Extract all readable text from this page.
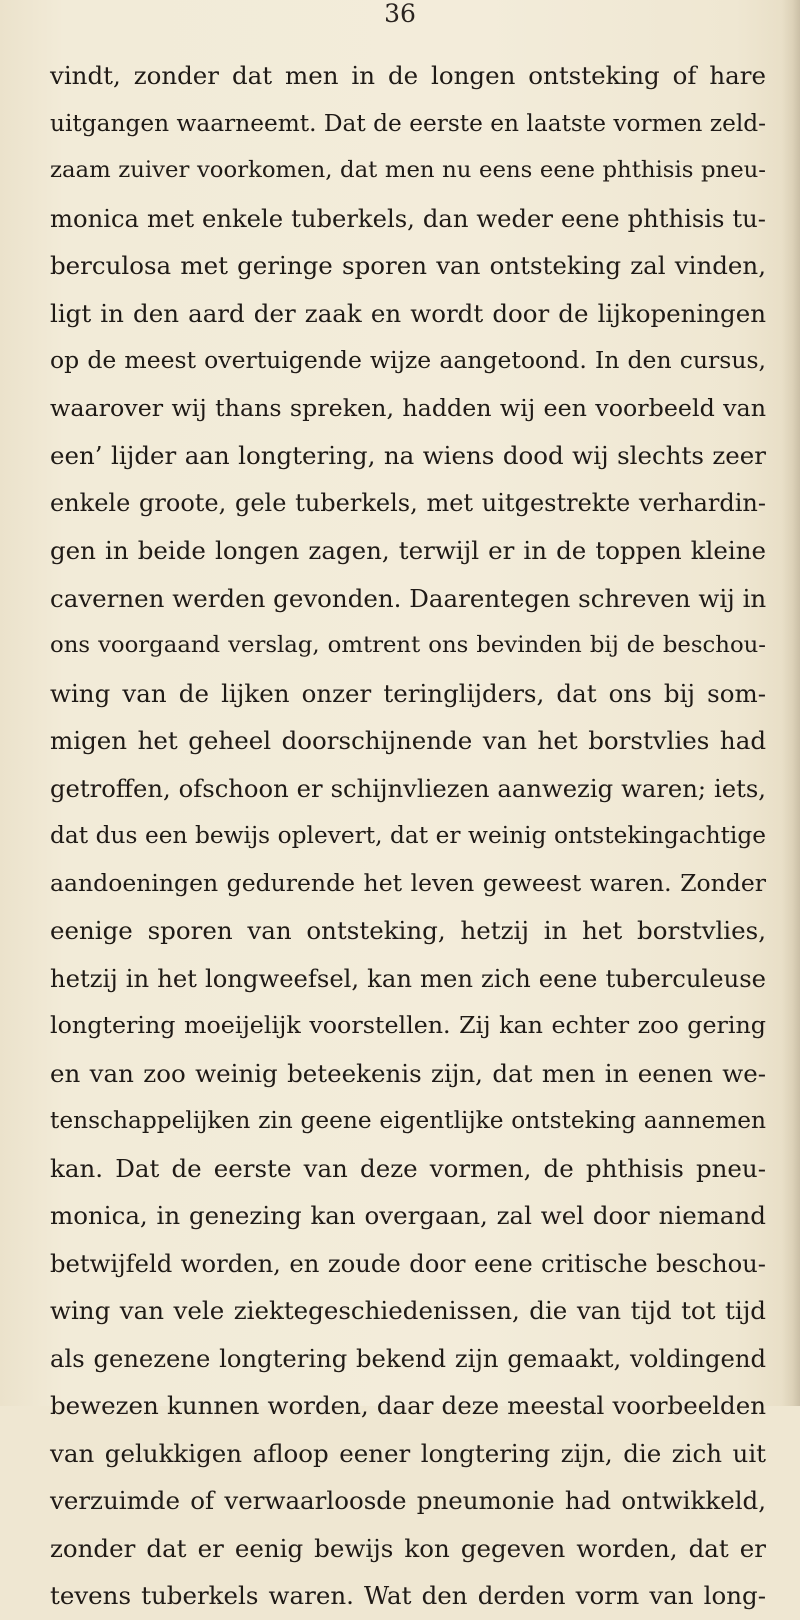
36
vindt, zonder dat men in de longen ontsteking of hare
uitgangen waarneemt. Dat de eerste en laatste vormen zeld-
zaam zuiver voorkomen, dat men nu eens eene phthisis pneu-
monica met enkele tuberkels, dan weder eene phthisis tu-
berculosa met geringe sporen van ontsteking zal vinden,
ligt in den aard der zaak en wordt door de lijkopeningen
op de meest overtuigende wijze aangetoond. In den cursus,
waarover wij thans spreken, hadden wij een voorbeeld van
een’ lijder aan longtering, na wiens dood wij slechts zeer
enkele groote, gele tuberkels, met uitgestrekte verhardin-
gen in beide longen zagen, terwijl er in de toppen kleine
cavernen werden gevonden. Daarentegen schreven wij in
ons voorgaand verslag, omtrent ons bevinden bij de beschou-
wing van de lijken onzer teringlijders, dat ons bij som-
migen het geheel doorschijnende van het borstvlies had
getroffen, ofschoon er schijnvliezen aanwezig waren; iets,
dat dus een bewijs oplevert, dat er weinig ontstekingachtige
aandoeningen gedurende het leven geweest waren. Zonder
eenige sporen van ontsteking, hetzij in het borstvlies,
hetzij in het longweefsel, kan men zich eene tuberculeuse
longtering moeijelijk voorstellen. Zij kan echter zoo gering
en van zoo weinig beteekenis zijn, dat men in eenen we-
tenschappelijken zin geene eigentlijke ontsteking aannemen
kan. Dat de eerste van deze vormen, de phthisis pneu-
monica, in genezing kan overgaan, zal wel door niemand
betwijfeld worden, en zoude door eene critische beschou-
wing van vele ziektegeschiedenissen, die van tijd tot tijd
als genezene longtering bekend zijn gemaakt, voldingend
bewezen kunnen worden, daar deze meestal voorbeelden
van gelukkigen afloop eener longtering zijn, die zich uit
verzuimde of verwaarloosde pneumonie had ontwikkeld,
zonder dat er eenig bewijs kon gegeven worden, dat er
tevens tuberkels waren. Wat den derden vorm van long-
